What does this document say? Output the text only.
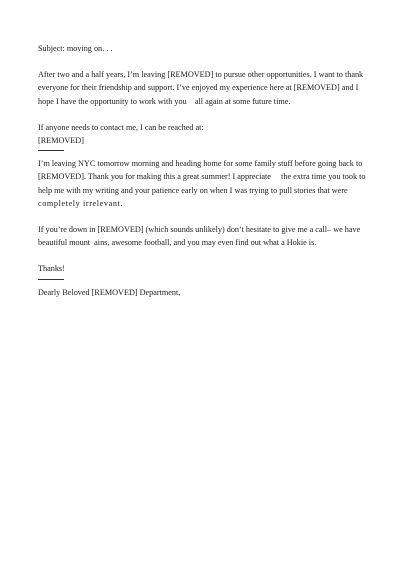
Subject: moving on. . .
After two and a half years, I’m leaving [REMOVED] to pursue other opportunities. I want to thank
everyone for their friendship and support. I’ve enjoyed my experience here at [REMOVED] and I
hope I have the opportunity to work with you    all again at some future time.
If anyone needs to contact me, I can be reached at:
[REMOVED]
I’m leaving NYC tomorrow morning and heading home for some family stuff before going back to
[REMOVED]. Thank you for making this a great summer! I appreciate     the extra time you took to
help me with my writing and your patience early on when I was trying to pull stories that were
completely irrelevant.
If you’re down in [REMOVED] (which sounds unlikely) don’t hesitate to give me a call– we have
beautiful mount  ains, awesome football, and you may even find out what a Hokie is.
Thanks!
Dearly Beloved [REMOVED] Department,
